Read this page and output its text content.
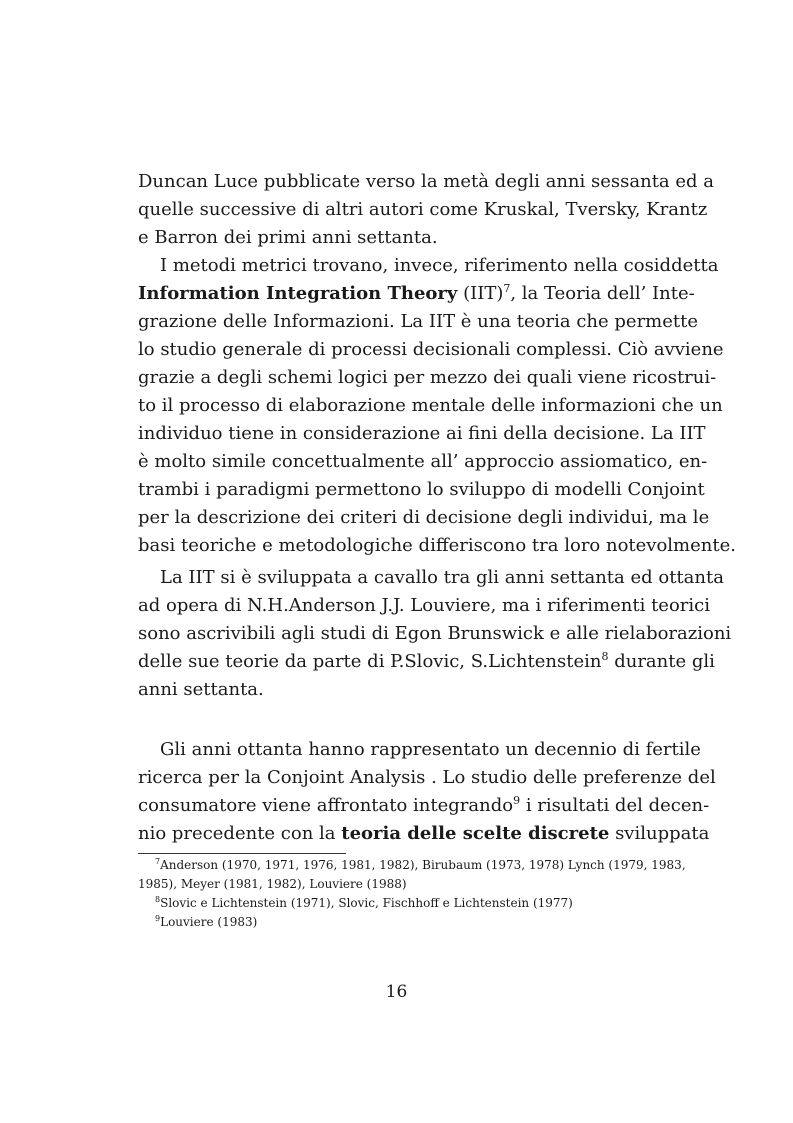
Duncan Luce pubblicate verso la metà degli anni sessanta ed a
quelle successive di altri autori come Kruskal, Tversky, Krantz
e Barron dei primi anni settanta.
I metodi metrici trovano, invece, riferimento nella cosiddetta
Information Integration Theory (IIT)$^7$, la Teoria dell’ Inte-
grazione delle Informazioni. La IIT è una teoria che permette
lo studio generale di processi decisionali complessi. Ciò avviene
grazie a degli schemi logici per mezzo dei quali viene ricostrui-
to il processo di elaborazione mentale delle informazioni che un
individuo tiene in considerazione ai fini della decisione. La IIT
è molto simile concettualmente all’ approccio assiomatico, en-
trambi i paradigmi permettono lo sviluppo di modelli Conjoint
per la descrizione dei criteri di decisione degli individui, ma le
basi teoriche e metodologiche differiscono tra loro notevolmente.
La IIT si è sviluppata a cavallo tra gli anni settanta ed ottanta
ad opera di N.H.Anderson J.J. Louviere, ma i riferimenti teorici
sono ascrivibili agli studi di Egon Brunswick e alle rielaborazioni
delle sue teorie da parte di P.Slovic, S.Lichtenstein$^8$ durante gli
anni settanta.
Gli anni ottanta hanno rappresentato un decennio di fertile
ricerca per la Conjoint Analysis . Lo studio delle preferenze del
consumatore viene affrontato integrando$^9$ i risultati del decen-
nio precedente con la teoria delle scelte discrete sviluppata
$^7$Anderson (1970, 1971, 1976, 1981, 1982), Birubaum (1973, 1978) Lynch (1979, 1983,
1985), Meyer (1981, 1982), Louviere (1988)
$^8$Slovic e Lichtenstein (1971), Slovic, Fischhoff e Lichtenstein (1977)
$^9$Louviere (1983)
16
